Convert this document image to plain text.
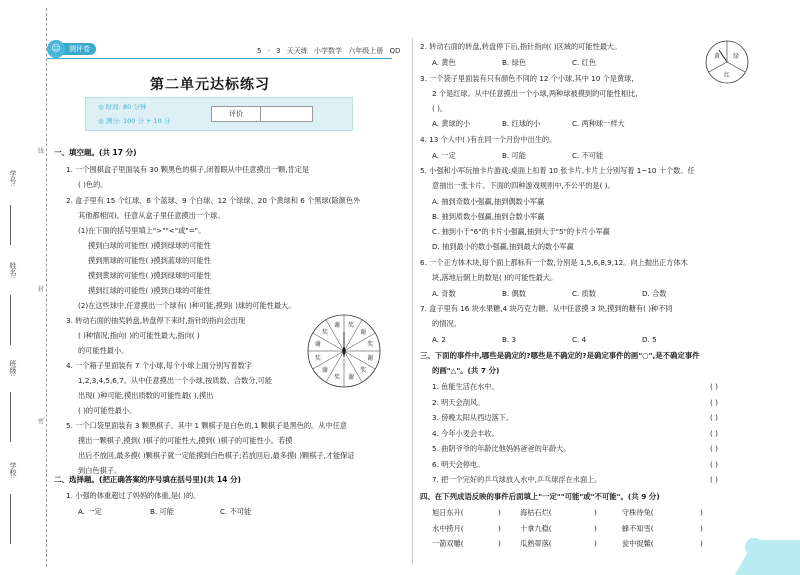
学号:
姓名:
班级:
学校:
线
封
密
测评卷
☺	5 · 3 天天练 小学数学 六年级上册 QD
第二单元达标练习
◎ 时间: 80 分钟
◎ 满分: 100 分 + 10 分
评价
一、填空题。(共 17 分)
1. 一个围棋盒子里面装有 30 颗黑色的棋子,闭着眼从中任意摸出一颗,肯定是
( )色的。
2. 盒子里有 15 个红球、6 个蓝球、9 个白球、12 个绿球、20 个黄球和 6 个黑球(除颜色外
其他都相同)。任意从盒子里任意摸出一个球。
(1)在下面的括号里填上">""<"或"="。
摸到白球的可能性( )摸到绿球的可能性
摸到黑球的可能性( )摸到蓝球的可能性
摸到黄球的可能性( )摸到绿球的可能性
摸到红球的可能性( )摸到白球的可能性
(2)在这些球中,任意摸出一个球有( )种可能,摸到( )球的可能性最大。
3. 转动右面的抽奖转盘,转盘停下来时,指针的指向会出现
( )种情况,指向( )的可能性最大,指向( )
的可能性最小。
4. 一个箱子里面装有 7 个小球,每个小球上面分别写着数字
1,2,3,4,5,6,7。从中任意摸出一个小球,按质数、合数分,可能
出现( )种可能,摸出质数的可能性最( ),摸出
( )的可能性最小。
5. 一个口袋里面装有 3 颗黑棋子、其中 1 颗棋子是白色的,1 颗棋子是黑色的。从中任意
摸出一颗棋子,摸到( )棋子的可能性大,摸到( )棋子的可能性小。若摸
出后不放回,最多摸( )颗棋子就一定能摸到白色棋子;若放回后,最多摸( )颗棋子,才能保证
到白色棋子。
奖
谢
奖
谢
奖
谢
奖
谢
奖
谢
奖
谢
二、选择题。(把正确答案的序号填在括号里)(共 14 分)
1. 小强的体重超过了妈妈的体重,是( )的。
A. 一定	B. 可能	C. 不可能
2. 转动右面的转盘,转盘停下后,指针指向( )区域的可能性最大。
A. 黄色	B. 绿色	C. 红色
3. 一个袋子里面装有只有颜色不同的 12 个小球,其中 10 个是黄球,
2 个是红球。从中任意摸出一个小球,两种球被摸到的可能性相比,
( )。
A. 黄球的小	B. 红球的小	C. 两种球一样大
4. 13 个人中( )有在同一个月份中出生的。
A. 一定	B. 可能	C. 不可能
5. 小强和小军玩抽卡片游戏:桌面上扣着 10 张卡片,卡片上分别写着 1~10 十个数。任
意抽出一张卡片。下面的四种游戏规则中,不公平的是( )。
A. 抽到奇数小强赢,抽到偶数小军赢
B. 抽到质数小强赢,抽到合数小军赢
C. 抽到小于"6"的卡片小强赢,抽到大于"5"的卡片小军赢
D. 抽到最小的数小强赢,抽到最大的数小军赢
6. 一个正方体木块,每个面上都标有一个数,分别是 1,5,6,8,9,12。向上抛出正方体木
块,落地后朝上的数是( )的可能性最大。
A. 奇数	B. 偶数	C. 质数	D. 合数
7. 盒子里有 16 块水果糖,4 块巧克力糖。从中任意摸 3 块,摸到的糖有( )种不同
的情况。
A. 2	B. 3	C. 4	D. 5
三、下面的事件中,哪些是确定的?哪些是不确定的?是确定事件的画"○",是不确定事件
的画"△"。(共 7 分)
1. 鱼能生活在水中。	( )
2. 明天会刮风。	( )
3. 傍晚太阳从西边落下。	( )
4. 今年小麦会丰收。	( )
5. 曲阴爷爷的年龄比他妈妈爸爸的年龄大。	( )
6. 明天会停电。	( )
7. 把一个完好的乒乓球放入水中,乒乓球浮在水面上。	( )
四、在下列成语反映的事件后面填上"一定""可能"或"不可能"。(共 9 分)
旭日东升(	)	海枯石烂(	)	守株待兔(	)
水中捞月(	)	十拿九稳(	)	蜂不知雪(	)
一箭双雕(	)	瓜熟蒂落(	)	瓮中捉鳖(	)
黄 绿
红
